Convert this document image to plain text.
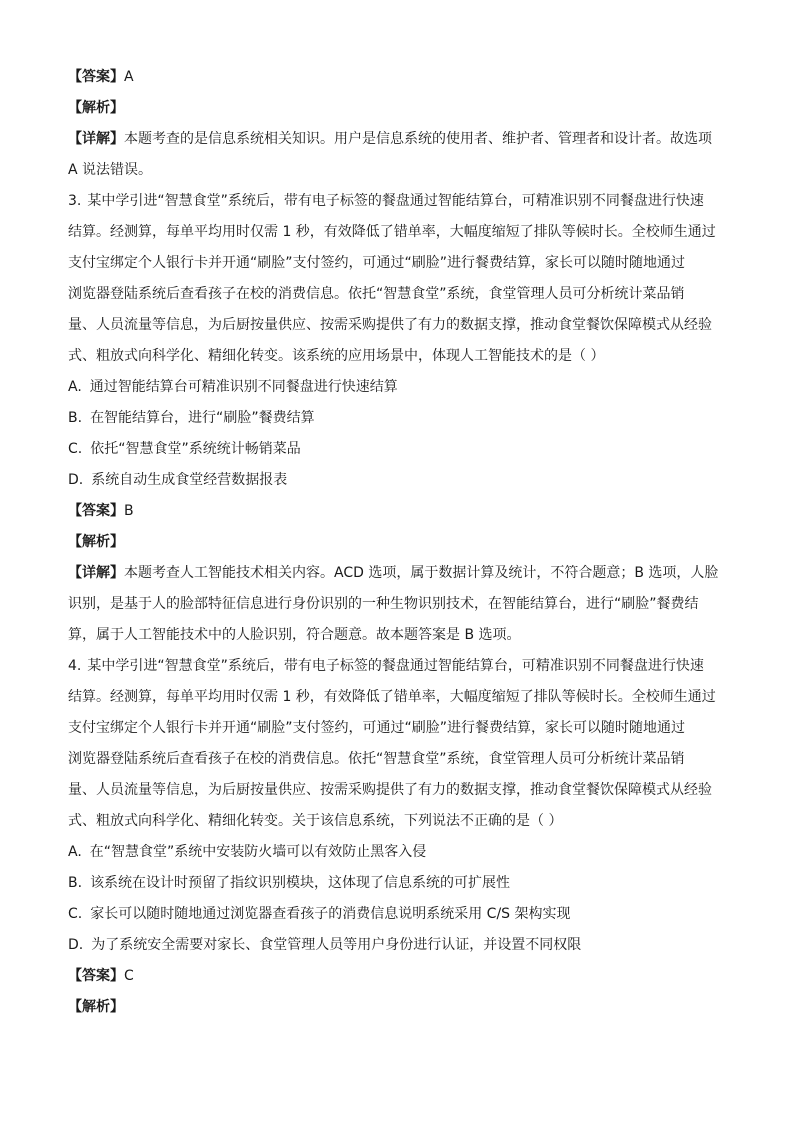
【答案】A
【解析】
【详解】本题考查的是信息系统相关知识。用户是信息系统的使用者、维护者、管理者和设计者。故选项
A 说法错误。
3. 某中学引进“智慧食堂”系统后，带有电子标签的餐盘通过智能结算台，可精准识别不同餐盘进行快速
结算。经测算，每单平均用时仅需 1 秒，有效降低了错单率，大幅度缩短了排队等候时长。全校师生通过
支付宝绑定个人银行卡并开通“刷脸”支付签约，可通过“刷脸”进行餐费结算，家长可以随时随地通过
浏览器登陆系统后查看孩子在校的消费信息。依托“智慧食堂”系统，食堂管理人员可分析统计菜品销
量、人员流量等信息，为后厨按量供应、按需采购提供了有力的数据支撑，推动食堂餐饮保障模式从经验
式、粗放式向科学化、精细化转变。该系统的应用场景中，体现人工智能技术的是（ ）
A. 通过智能结算台可精准识别不同餐盘进行快速结算
B. 在智能结算台，进行“刷脸”餐费结算
C. 依托“智慧食堂”系统统计畅销菜品
D. 系统自动生成食堂经营数据报表
【答案】B
【解析】
【详解】本题考查人工智能技术相关内容。ACD 选项，属于数据计算及统计，不符合题意；B 选项，人脸
识别，是基于人的脸部特征信息进行身份识别的一种生物识别技术，在智能结算台，进行“刷脸”餐费结
算，属于人工智能技术中的人脸识别，符合题意。故本题答案是 B 选项。
4. 某中学引进“智慧食堂”系统后，带有电子标签的餐盘通过智能结算台，可精准识别不同餐盘进行快速
结算。经测算，每单平均用时仅需 1 秒，有效降低了错单率，大幅度缩短了排队等候时长。全校师生通过
支付宝绑定个人银行卡并开通“刷脸”支付签约，可通过“刷脸”进行餐费结算，家长可以随时随地通过
浏览器登陆系统后查看孩子在校的消费信息。依托“智慧食堂”系统，食堂管理人员可分析统计菜品销
量、人员流量等信息，为后厨按量供应、按需采购提供了有力的数据支撑，推动食堂餐饮保障模式从经验
式、粗放式向科学化、精细化转变。关于该信息系统，下列说法不正确的是（ ）
A. 在“智慧食堂”系统中安装防火墙可以有效防止黑客入侵
B. 该系统在设计时预留了指纹识别模块，这体现了信息系统的可扩展性
C. 家长可以随时随地通过浏览器查看孩子的消费信息说明系统采用 C/S 架构实现
D. 为了系统安全需要对家长、食堂管理人员等用户身份进行认证，并设置不同权限
【答案】C
【解析】
